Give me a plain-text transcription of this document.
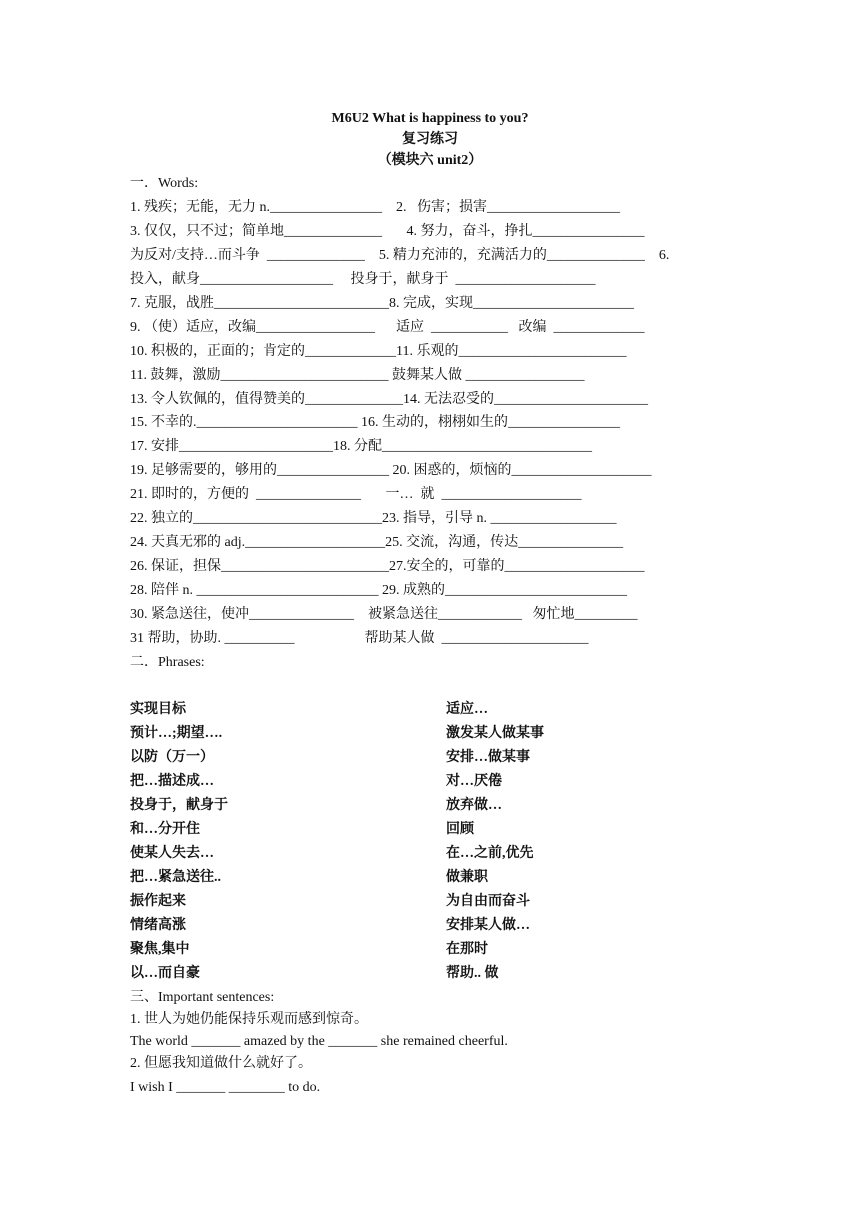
M6U2 What is happiness to you?
复习练习
（模块六 unit2）
一．Words:
1. 残疾；无能，无力 n.________________    2.   伤害；损害___________________
3. 仅仅，只不过；简单地______________       4. 努力，奋斗，挣扎________________
为反对/支持…而斗争  ______________    5. 精力充沛的，充满活力的______________    6.
投入，献身___________________     投身于，献身于  ____________________
7. 克服，战胜_________________________8. 完成，实现_______________________
9. （使）适应，改编_________________      适应  ___________   改编  _____________
10. 积极的，正面的；肯定的_____________11. 乐观的________________________
11. 鼓舞，激励________________________ 鼓舞某人做 _________________
13. 令人钦佩的，值得赞美的______________14. 无法忍受的______________________
15. 不幸的._______________________ 16. 生动的，栩栩如生的________________
17. 安排______________________18. 分配______________________________
19. 足够需要的，够用的________________ 20. 困惑的，烦恼的____________________
21. 即时的，方便的  _______________       一…  就  ____________________
22. 独立的___________________________23. 指导，引导 n. __________________
24. 天真无邪的 adj.____________________25. 交流，沟通，传达_______________
26. 保证，担保________________________27.安全的，可靠的____________________
28. 陪伴 n. __________________________ 29. 成熟的__________________________
30. 紧急送往，使冲_______________    被紧急送往____________   匆忙地_________
31 帮助，协助. __________                    帮助某人做  _____________________
二．Phrases:
实现目标
预计…;期望….
以防（万一）
把…描述成…
投身于，献身于
和…分开住
使某人失去…
把…紧急送往..
振作起来
情绪高涨
聚焦,集中
以…而自豪
适应…
激发某人做某事
安排…做某事
对…厌倦
放弃做…
回顾
在…之前,优先
做兼职
为自由而奋斗
安排某人做…
在那时
帮助.. 做
三、Important sentences:
1. 世人为她仍能保持乐观而感到惊奇。
The world _______ amazed by the _______ she remained cheerful.
2. 但愿我知道做什么就好了。
I wish I _______ ________ to do.
